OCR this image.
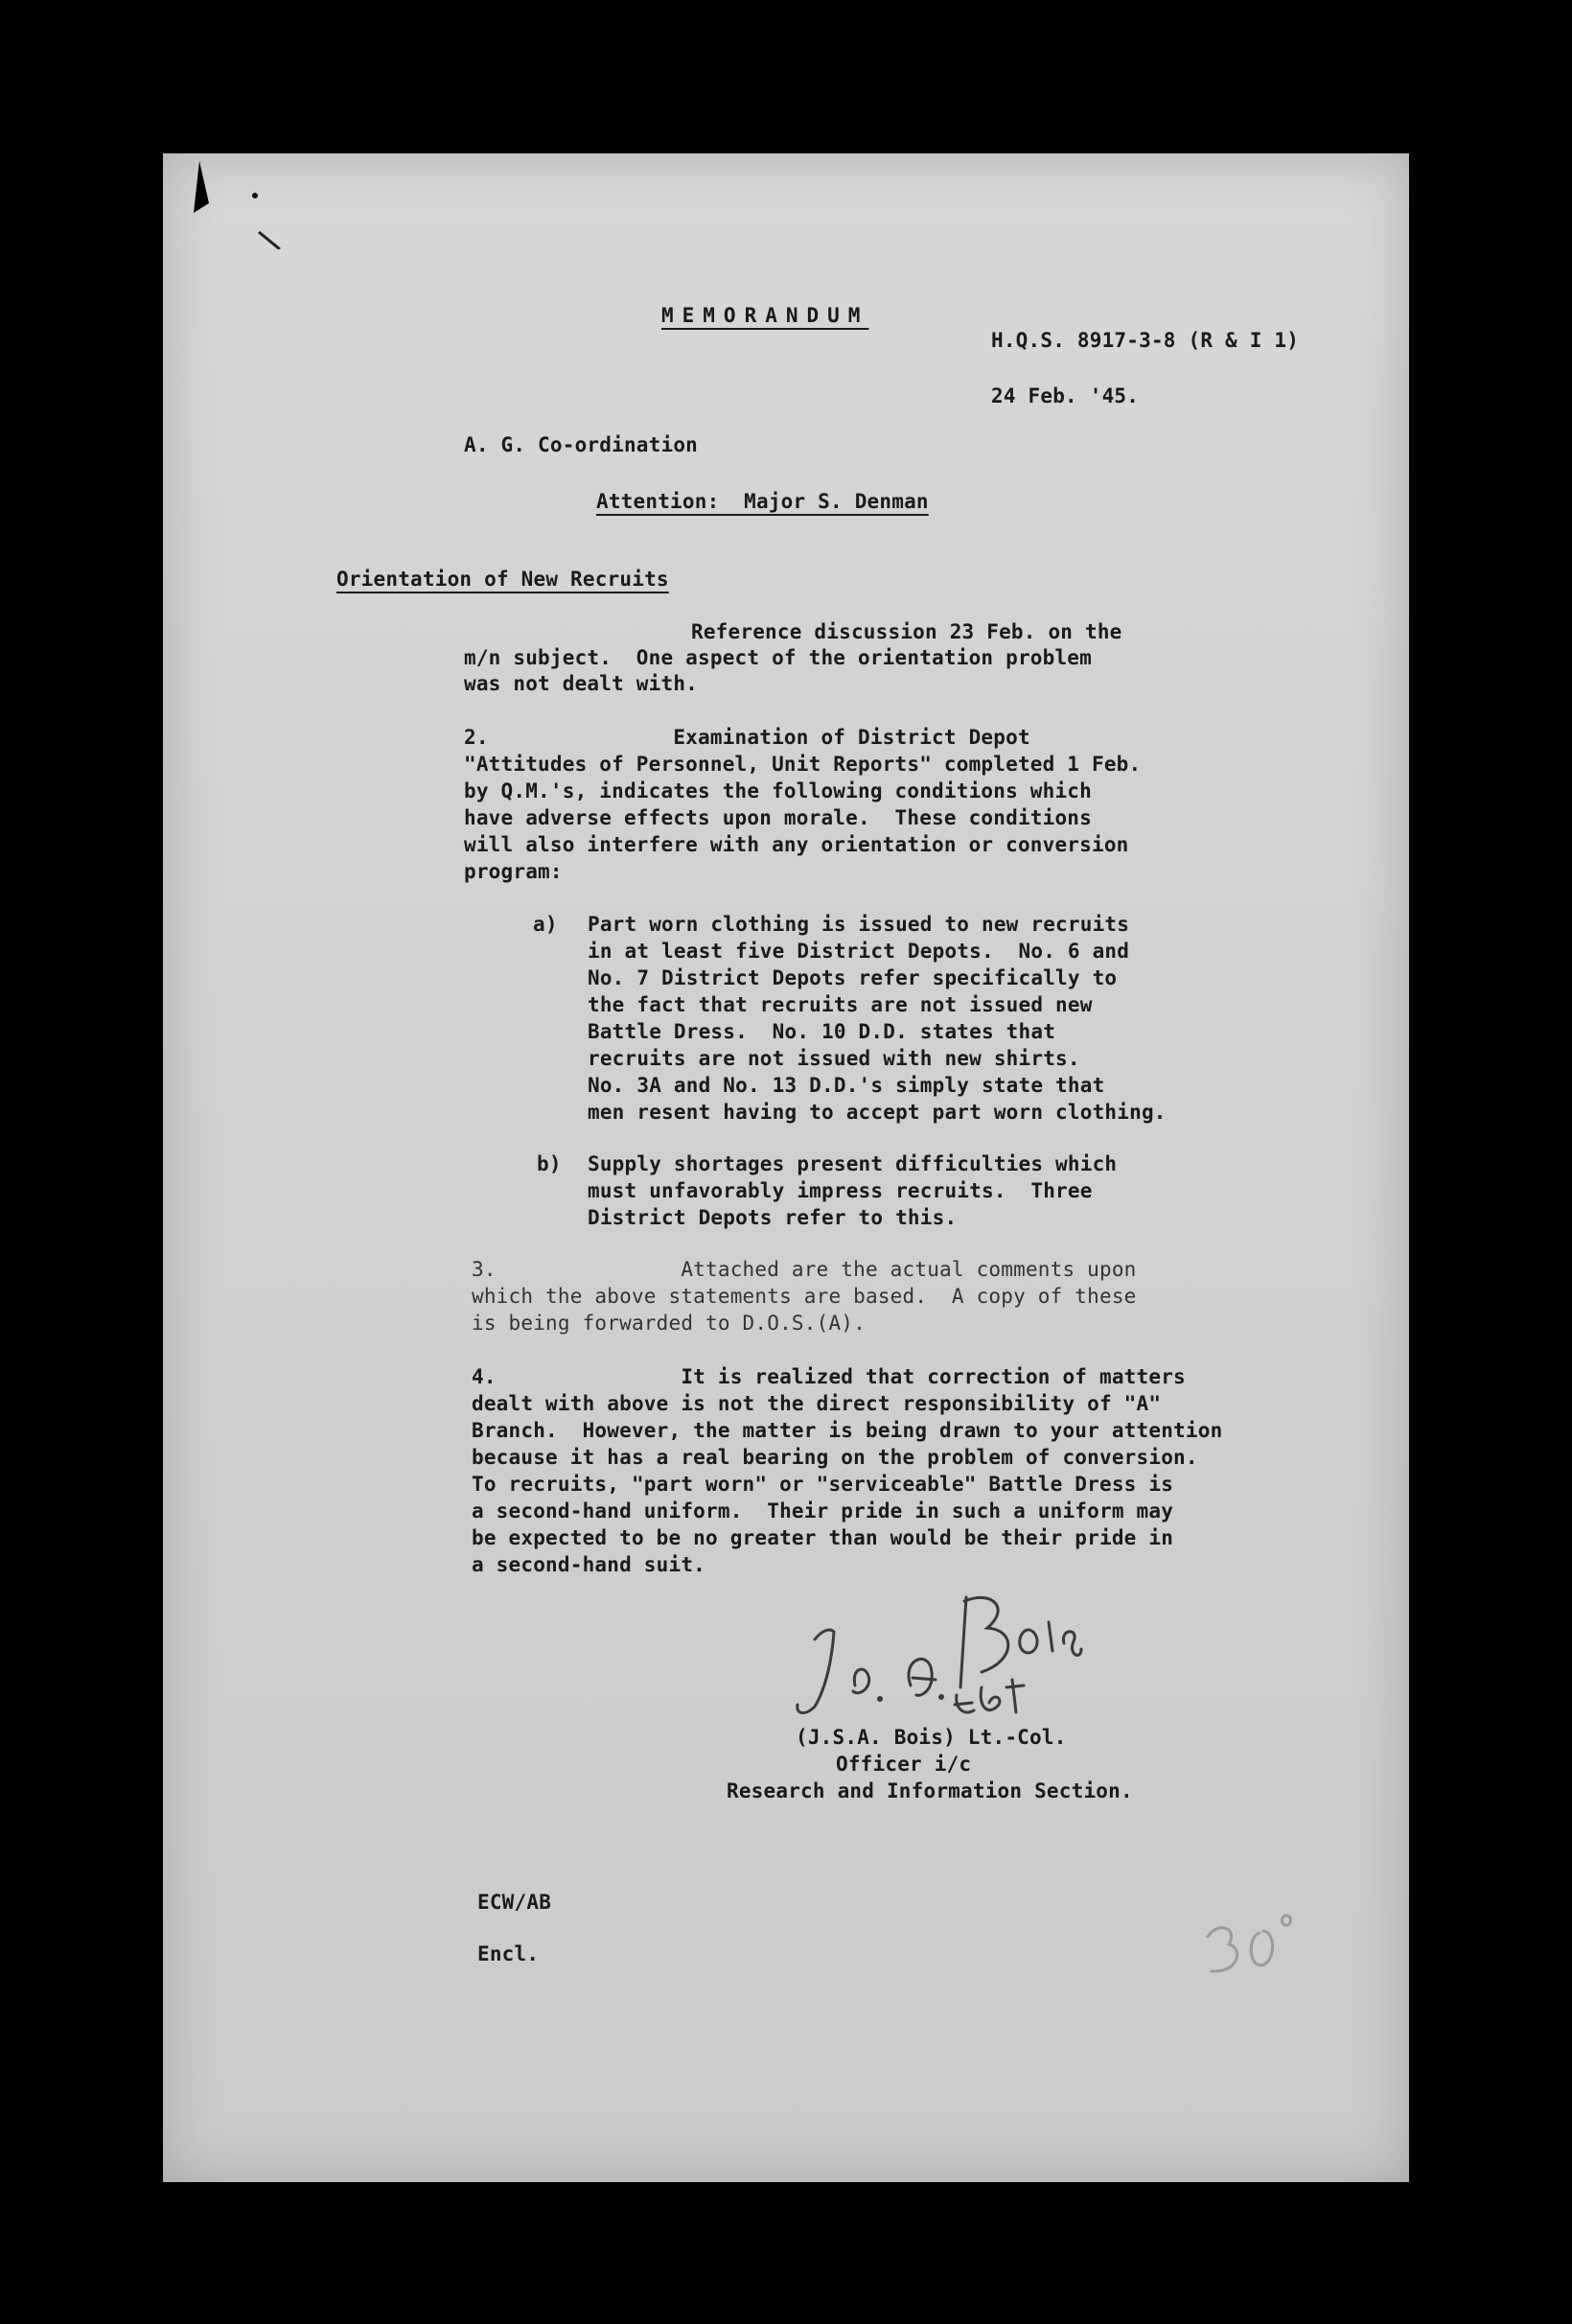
MEMORANDUM
H.Q.S. 8917-3-8 (R & I 1)
24 Feb. '45.
A. G. Co-ordination
Attention:  Major S. Denman
Orientation of New Recruits
Reference discussion 23 Feb. on the
m/n subject.  One aspect of the orientation problem
was not dealt with.
2.               Examination of District Depot
"Attitudes of Personnel, Unit Reports" completed 1 Feb.
by Q.M.'s, indicates the following conditions which
have adverse effects upon morale.  These conditions
will also interfere with any orientation or conversion
program:
a) Part worn clothing is issued to new recruits
in at least five District Depots.  No. 6 and
No. 7 District Depots refer specifically to
the fact that recruits are not issued new
Battle Dress.  No. 10 D.D. states that
recruits are not issued with new shirts.
No. 3A and No. 13 D.D.'s simply state that
men resent having to accept part worn clothing.
b) Supply shortages present difficulties which
must unfavorably impress recruits.  Three
District Depots refer to this.
3.               Attached are the actual comments upon
which the above statements are based.  A copy of these
is being forwarded to D.O.S.(A).
4.               It is realized that correction of matters
dealt with above is not the direct responsibility of "A"
Branch.  However, the matter is being drawn to your attention
because it has a real bearing on the problem of conversion.
To recruits, "part worn" or "serviceable" Battle Dress is
a second-hand uniform.  Their pride in such a uniform may
be expected to be no greater than would be their pride in
a second-hand suit.
(J.S.A. Bois) Lt.-Col.
Officer i/c
Research and Information Section.
ECW/AB
Encl.
